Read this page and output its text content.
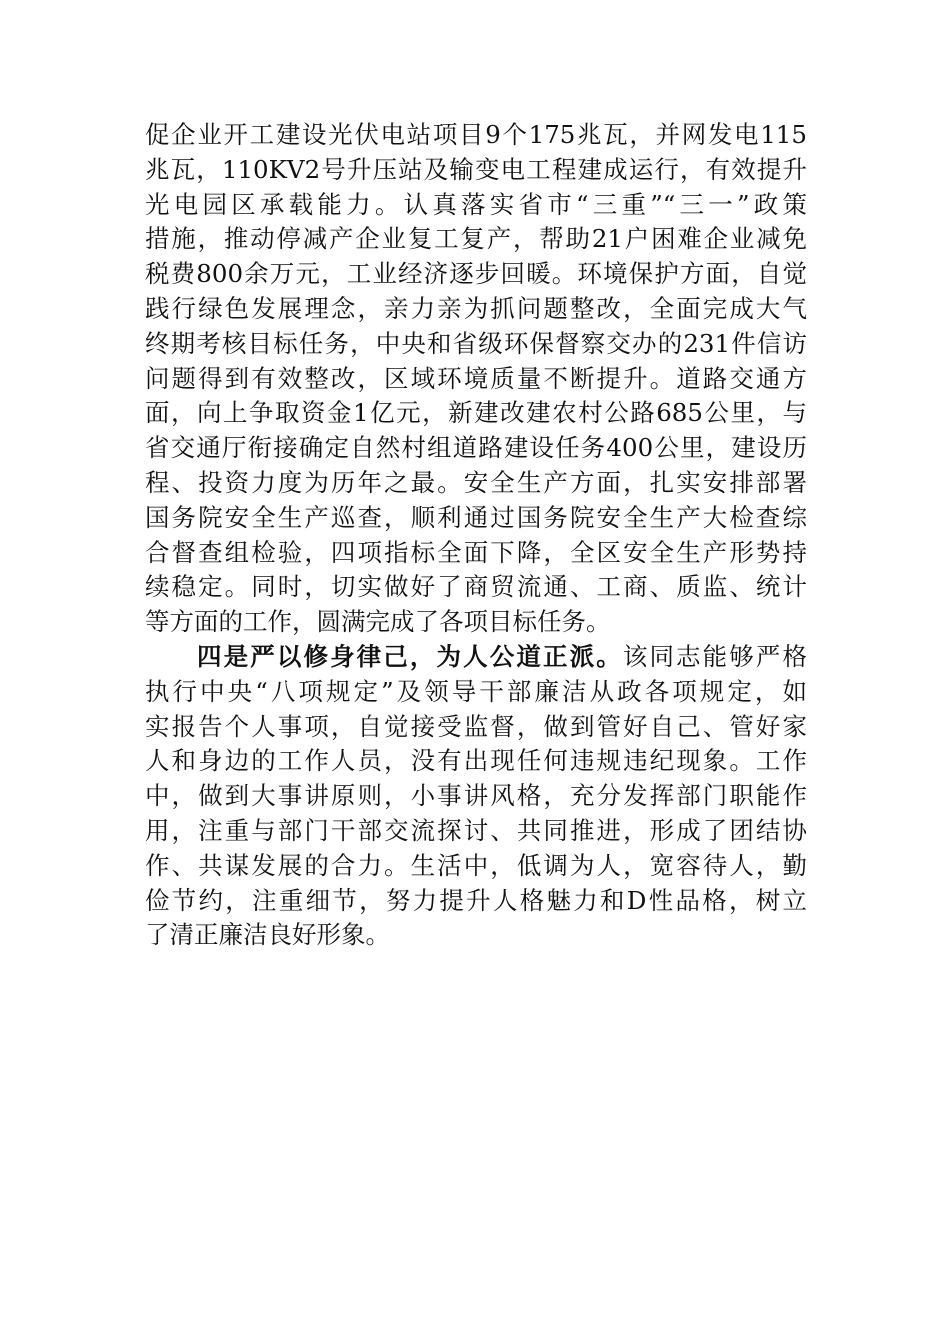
促企业开工建设光伏电站项目9个175兆瓦，并网发电115
兆瓦，110KV2号升压站及输变电工程建成运行，有效提升
光电园区承载能力。认真落实省市“三重”“三一”政策
措施，推动停减产企业复工复产，帮助21户困难企业减免
税费800余万元，工业经济逐步回暖。环境保护方面，自觉
践行绿色发展理念，亲力亲为抓问题整改，全面完成大气
终期考核目标任务，中央和省级环保督察交办的231件信访
问题得到有效整改，区域环境质量不断提升。道路交通方
面，向上争取资金1亿元，新建改建农村公路685公里，与
省交通厅衔接确定自然村组道路建设任务400公里，建设历
程、投资力度为历年之最。安全生产方面，扎实安排部署
国务院安全生产巡查，顺利通过国务院安全生产大检查综
合督查组检验，四项指标全面下降，全区安全生产形势持
续稳定。同时，切实做好了商贸流通、工商、质监、统计
等方面的工作，圆满完成了各项目标任务。
四是严以修身律己，为人公道正派。该同志能够严格
执行中央“八项规定”及领导干部廉洁从政各项规定，如
实报告个人事项，自觉接受监督，做到管好自己、管好家
人和身边的工作人员，没有出现任何违规违纪现象。工作
中，做到大事讲原则，小事讲风格，充分发挥部门职能作
用，注重与部门干部交流探讨、共同推进，形成了团结协
作、共谋发展的合力。生活中，低调为人，宽容待人，勤
俭节约，注重细节，努力提升人格魅力和D性品格，树立
了清正廉洁良好形象。
